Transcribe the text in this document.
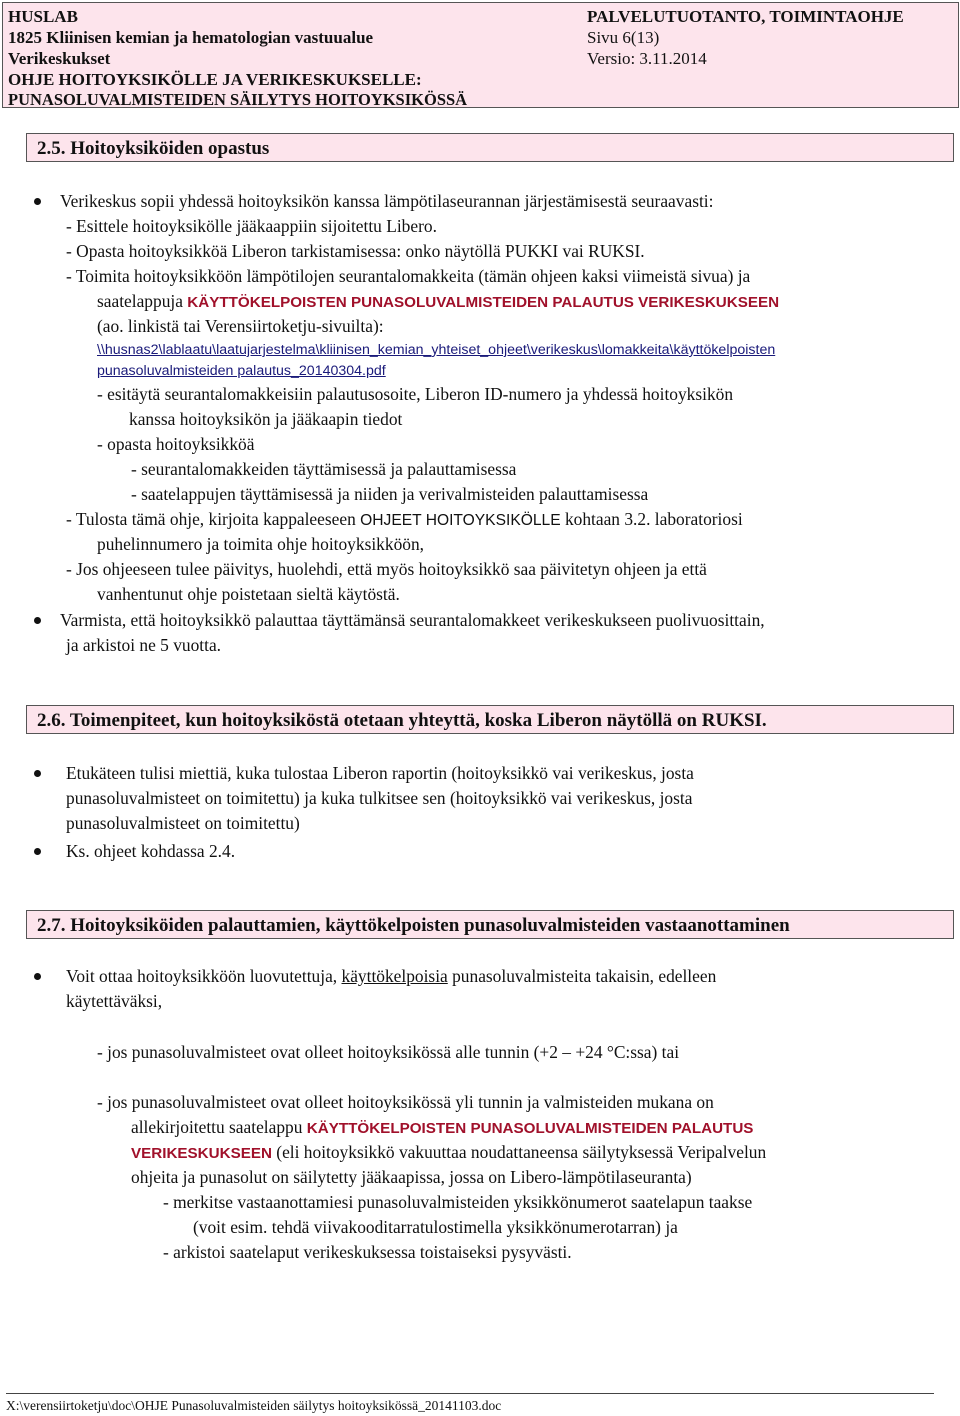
HUSLAB
1825 Kliinisen kemian ja hematologian vastuualue
Verikeskukset
OHJE HOITOYKSIKÖLLE JA VERIKESKUKSELLE:
PUNASOLUVALMISTEIDEN SÄILYTYS HOITOYKSIKÖSSÄ
PALVELUTUOTANTO, TOIMINTAOHJE
Sivu 6(13)
Versio: 3.11.2014
2.5. Hoitoyksiköiden opastus
Verikeskus sopii yhdessä hoitoyksikön kanssa lämpötilaseurannan järjestämisestä seuraavasti:
- Esittele hoitoyksikölle jääkaappiin sijoitettu Libero.
- Opasta hoitoyksikköä Liberon tarkistamisessa: onko näytöllä PUKKI vai RUKSI.
- Toimita hoitoyksikköön lämpötilojen seurantalomakkeita (tämän ohjeen kaksi viimeistä sivua) ja
saatelappuja KÄYTTÖKELPOISTEN PUNASOLUVALMISTEIDEN PALAUTUS VERIKESKUKSEEN
(ao. linkistä tai Verensiirtoketju-sivuilta):
\\husnas2\lablaatu\laatujarjestelma\kliinisen_kemian_yhteiset_ohjeet\verikeskus\lomakkeita\käyttökelpoisten
punasoluvalmisteiden palautus_20140304.pdf
- esitäytä seurantalomakkeisiin palautusosoite, Liberon ID-numero ja yhdessä hoitoyksikön
kanssa hoitoyksikön ja jääkaapin tiedot
- opasta hoitoyksikköä
- seurantalomakkeiden täyttämisessä ja palauttamisessa
- saatelappujen täyttämisessä ja niiden ja verivalmisteiden palauttamisessa
- Tulosta tämä ohje, kirjoita kappaleeseen OHJEET HOITOYKSIKÖLLE kohtaan 3.2. laboratoriosi
puhelinnumero ja toimita ohje hoitoyksikköön,
- Jos ohjeeseen tulee päivitys, huolehdi, että myös hoitoyksikkö saa päivitetyn ohjeen ja että
vanhentunut ohje poistetaan sieltä käytöstä.
Varmista, että hoitoyksikkö palauttaa täyttämänsä seurantalomakkeet verikeskukseen puolivuosittain,
ja arkistoi ne 5 vuotta.
2.6. Toimenpiteet, kun hoitoyksiköstä otetaan yhteyttä, koska Liberon näytöllä on RUKSI.
Etukäteen tulisi miettiä, kuka tulostaa Liberon raportin (hoitoyksikkö vai verikeskus, josta
punasoluvalmisteet on toimitettu) ja kuka tulkitsee sen (hoitoyksikkö vai verikeskus, josta
punasoluvalmisteet on toimitettu)
Ks. ohjeet kohdassa 2.4.
2.7. Hoitoyksiköiden palauttamien, käyttökelpoisten punasoluvalmisteiden vastaanottaminen
Voit ottaa hoitoyksikköön luovutettuja, käyttökelpoisia punasoluvalmisteita takaisin, edelleen
käytettäväksi,
- jos punasoluvalmisteet ovat olleet hoitoyksikössä alle tunnin (+2 – +24 °C:ssa) tai
- jos punasoluvalmisteet ovat olleet hoitoyksikössä yli tunnin ja valmisteiden mukana on
allekirjoitettu saatelappu KÄYTTÖKELPOISTEN PUNASOLUVALMISTEIDEN PALAUTUS
VERIKESKUKSEEN (eli hoitoyksikkö vakuuttaa noudattaneensa säilytyksessä Veripalvelun
ohjeita ja punasolut on säilytetty jääkaapissa, jossa on Libero-lämpötilaseuranta)
- merkitse vastaanottamiesi punasoluvalmisteiden yksikkönumerot saatelapun taakse
(voit esim. tehdä viivakooditarratulostimella yksikkönumerotarran) ja
- arkistoi saatelaput verikeskuksessa toistaiseksi pysyvästi.
X:\verensiirtoketju\doc\OHJE Punasoluvalmisteiden säilytys hoitoyksikössä_20141103.doc
